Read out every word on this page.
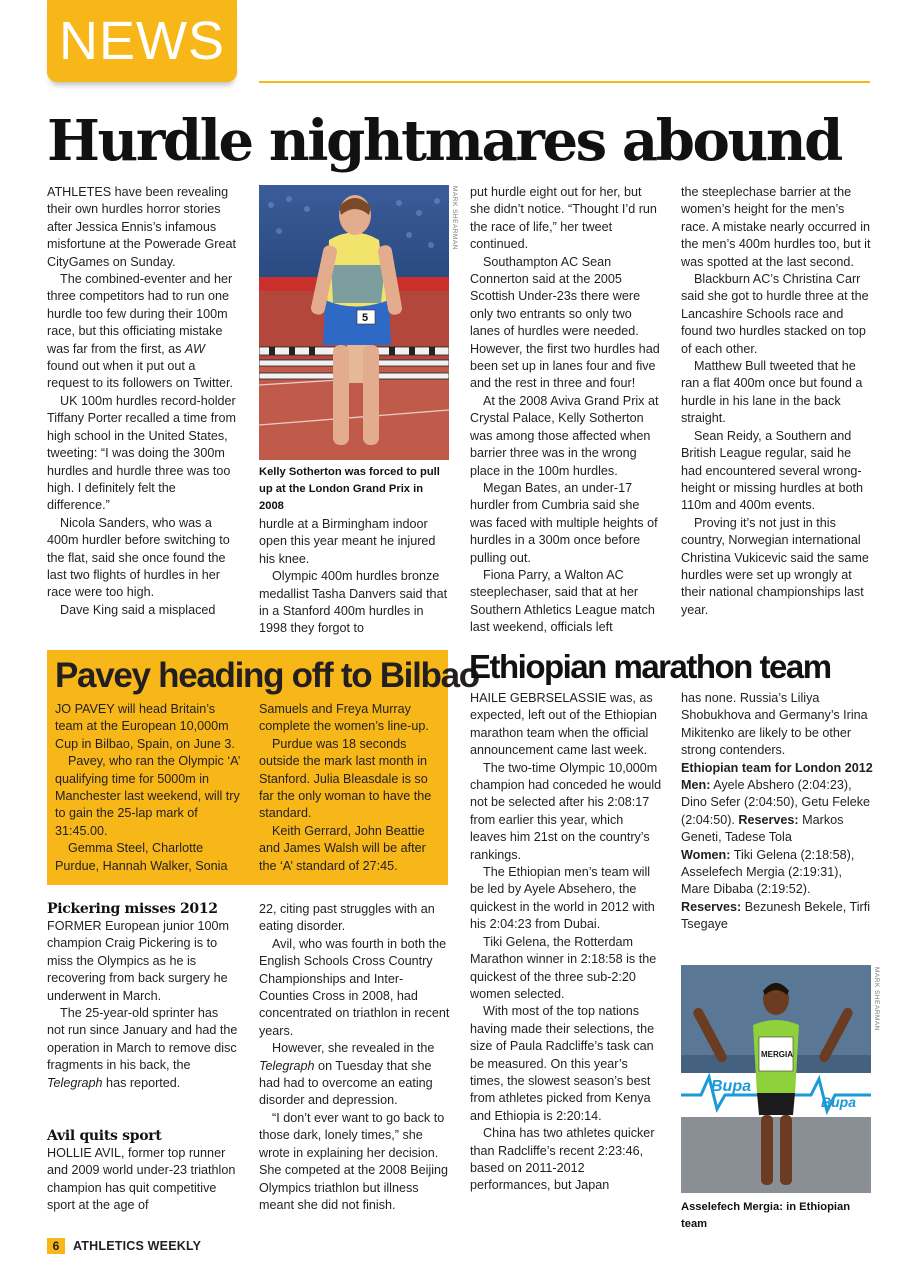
NEWS
Hurdle nightmares abound

ATHLETES have been revealing their own hurdles horror stories after Jessica Ennis’s infamous misfortune at the Powerade Great CityGames on Sunday.

The combined-eventer and her three competitors had to run one hurdle too few during their 100m race, but this officiating mistake was far from the first, as AW found out when it put out a request to its followers on Twitter.

UK 100m hurdles record-holder Tiffany Porter recalled a time from high school in the United States, tweeting: “I was doing the 300m hurdles and hurdle three was too high. I definitely felt the difference.”

Nicola Sanders, who was a 400m hurdler before switching to the flat, said she once found the last two flights of hurdles in her race were too high.

Dave King said a misplaced

5
MARK SHEARMAN
Kelly Sotherton was forced to pull up at the London Grand Prix in 2008

hurdle at a Birmingham indoor open this year meant he injured his knee.

Olympic 400m hurdles bronze medallist Tasha Danvers said that in a Stanford 400m hurdles in 1998 they forgot to

put hurdle eight out for her, but she didn’t notice. “Thought I’d run the race of life,” her tweet continued.

Southampton AC Sean Connerton said at the 2005 Scottish Under-23s there were only two entrants so only two lanes of hurdles were needed. However, the first two hurdles had been set up in lanes four and five and the rest in three and four!

At the 2008 Aviva Grand Prix at Crystal Palace, Kelly Sotherton was among those affected when barrier three was in the wrong place in the 100m hurdles.

Megan Bates, an under-17 hurdler from Cumbria said she was faced with multiple heights of hurdles in a 300m once before pulling out.

Fiona Parry, a Walton AC steeplechaser, said that at her Southern Athletics League match last weekend, officials left

the steeplechase barrier at the women’s height for the men’s race. A mistake nearly occurred in the men’s 400m hurdles too, but it was spotted at the last second.

Blackburn AC’s Christina Carr said she got to hurdle three at the Lancashire Schools race and found two hurdles stacked on top of each other.

Matthew Bull tweeted that he ran a flat 400m once but found a hurdle in his lane in the back straight.

Sean Reidy, a Southern and British League regular, said he had encountered several wrong-height or missing hurdles at both 110m and 400m events.

Proving it’s not just in this country, Norwegian international Christina Vukicevic said the same hurdles were set up wrongly at their national championships last year.

Pavey heading off to Bilbao

JO PAVEY will head Britain’s team at the European 10,000m Cup in Bilbao, Spain, on June 3.

Pavey, who ran the Olympic ‘A’ qualifying time for 5000m in Manchester last weekend, will try to gain the 25-lap mark of 31:45.00.

Gemma Steel, Charlotte Purdue, Hannah Walker, Sonia

Samuels and Freya Murray complete the women’s line-up.

Purdue was 18 seconds outside the mark last month in Stanford. Julia Bleasdale is so far the only woman to have the standard.

Keith Gerrard, John Beattie and James Walsh will be after the ‘A’ standard of 27:45.

Pickering misses 2012

FORMER European junior 100m champion Craig Pickering is to miss the Olympics as he is recovering from back surgery he underwent in March.

The 25-year-old sprinter has not run since January and had the operation in March to remove disc fragments in his back, the Telegraph has reported.

Avil quits sport

HOLLIE AVIL, former top runner and 2009 world under-23 triathlon champion has quit competitive sport at the age of

22, citing past struggles with an eating disorder.

Avil, who was fourth in both the English Schools Cross Country Championships and Inter-Counties Cross in 2008, had concentrated on triathlon in recent years.

However, she revealed in the Telegraph on Tuesday that she had had to overcome an eating disorder and depression.

“I don’t ever want to go back to those dark, lonely times,” she wrote in explaining her decision. She competed at the 2008 Beijing Olympics triathlon but illness meant she did not finish.

Ethiopian marathon team

HAILE GEBRSELASSIE was, as expected, left out of the Ethiopian marathon team when the official announcement came last week.

The two-time Olympic 10,000m champion had conceded he would not be selected after his 2:08:17 from earlier this year, which leaves him 21st on the country’s rankings.

The Ethiopian men’s team will be led by Ayele Absehero, the quickest in the world in 2012 with his 2:04:23 from Dubai.

Tiki Gelena, the Rotterdam Marathon winner in 2:18:58 is the quickest of the three sub-2:20 women selected.

With most of the top nations having made their selections, the size of Paula Radcliffe’s task can be measured. On this year’s times, the slowest season’s best from athletes picked from Kenya and Ethiopia is 2:20:14.

China has two athletes quicker than Radcliffe’s recent 2:23:46, based on 2011-2012 performances, but Japan

has none. Russia’s Liliya Shobukhova and Germany’s Irina Mikitenko are likely to be other strong contenders.

Ethiopian team for London 2012

Men: Ayele Abshero (2:04:23), Dino Sefer (2:04:50), Getu Feleke (2:04:50). Reserves: Markos Geneti, Tadese Tola

Women: Tiki Gelena (2:18:58), Asselefech Mergia (2:19:31), Mare Dibaba (2:19:52). Reserves: Bezunesh Bekele, Tirfi Tsegaye

Bupa
Bupa
MERGIA
MARK SHEARMAN
Asselefech Mergia: in Ethiopian team
6	ATHLETICS WEEKLY
